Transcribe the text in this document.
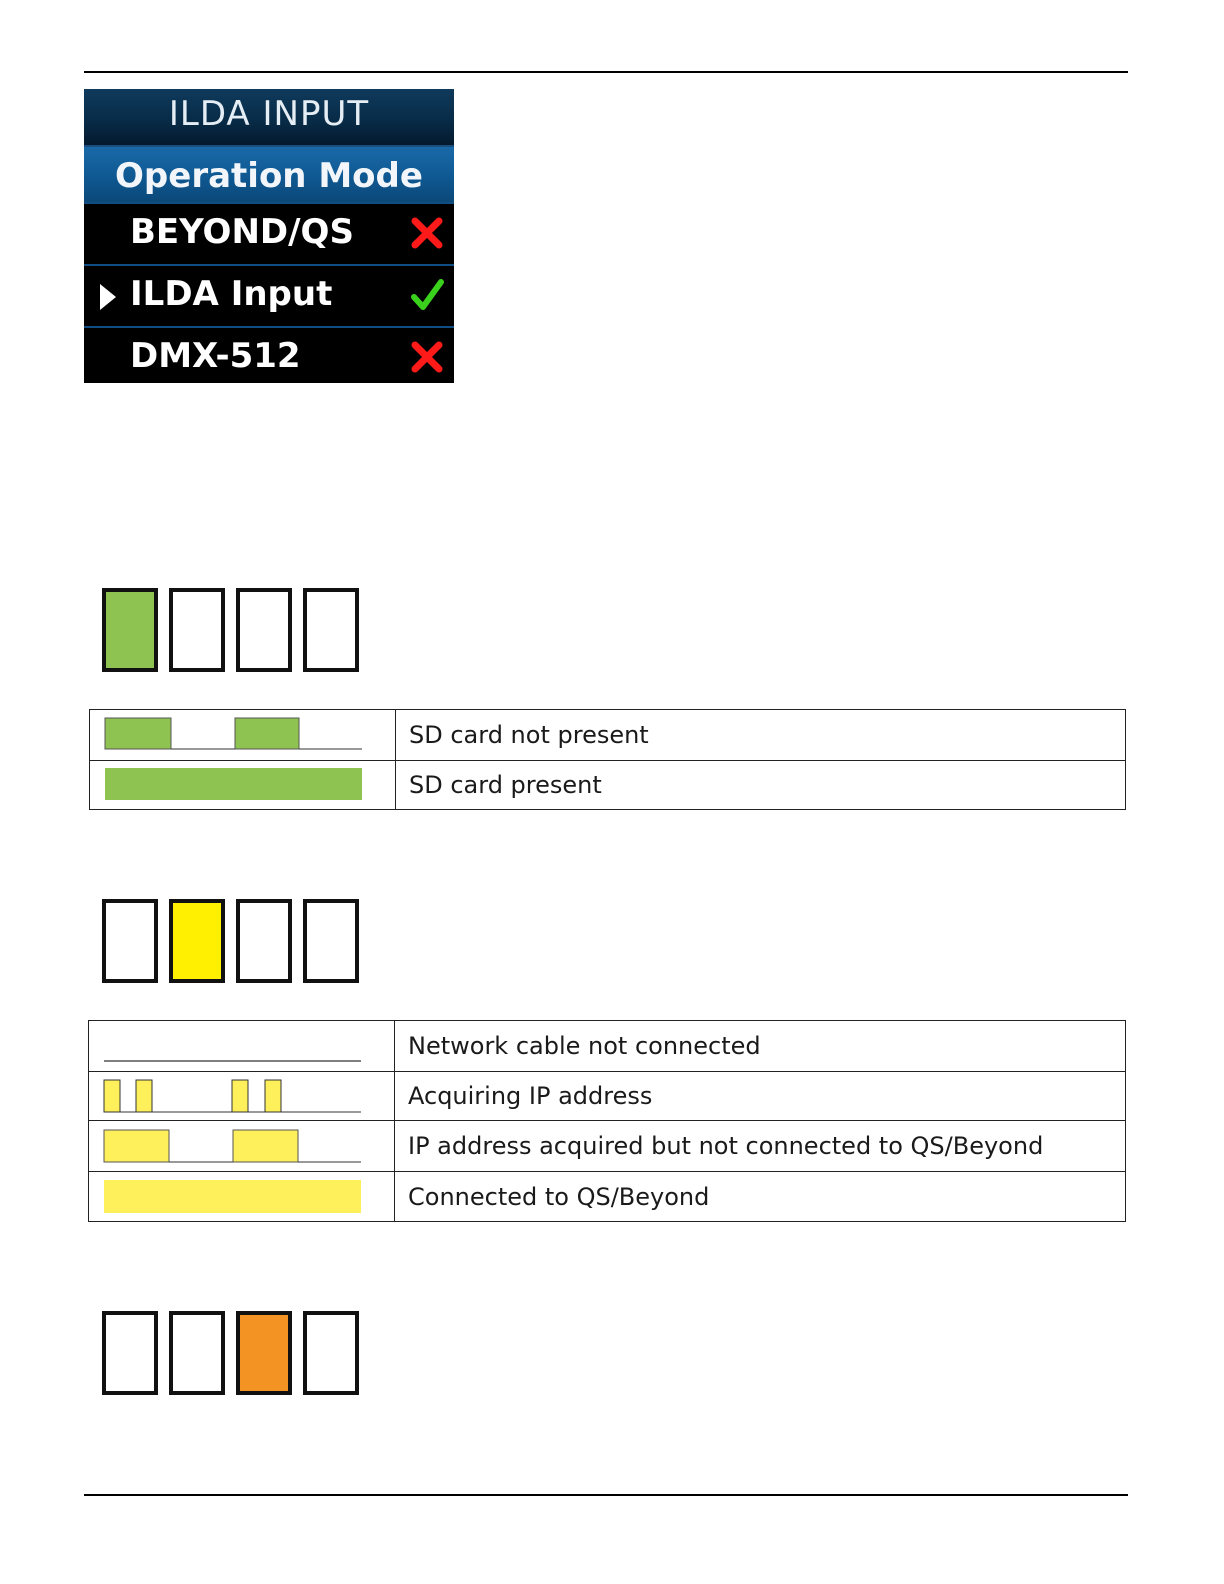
ILDA INPUT
Operation Mode
BEYOND/QS
ILDA Input
DMX-512
	SD card not present

	SD card present
	Network cable not connected

	Acquiring IP address

	IP address acquired but not connected to QS/Beyond

	Connected to QS/Beyond
